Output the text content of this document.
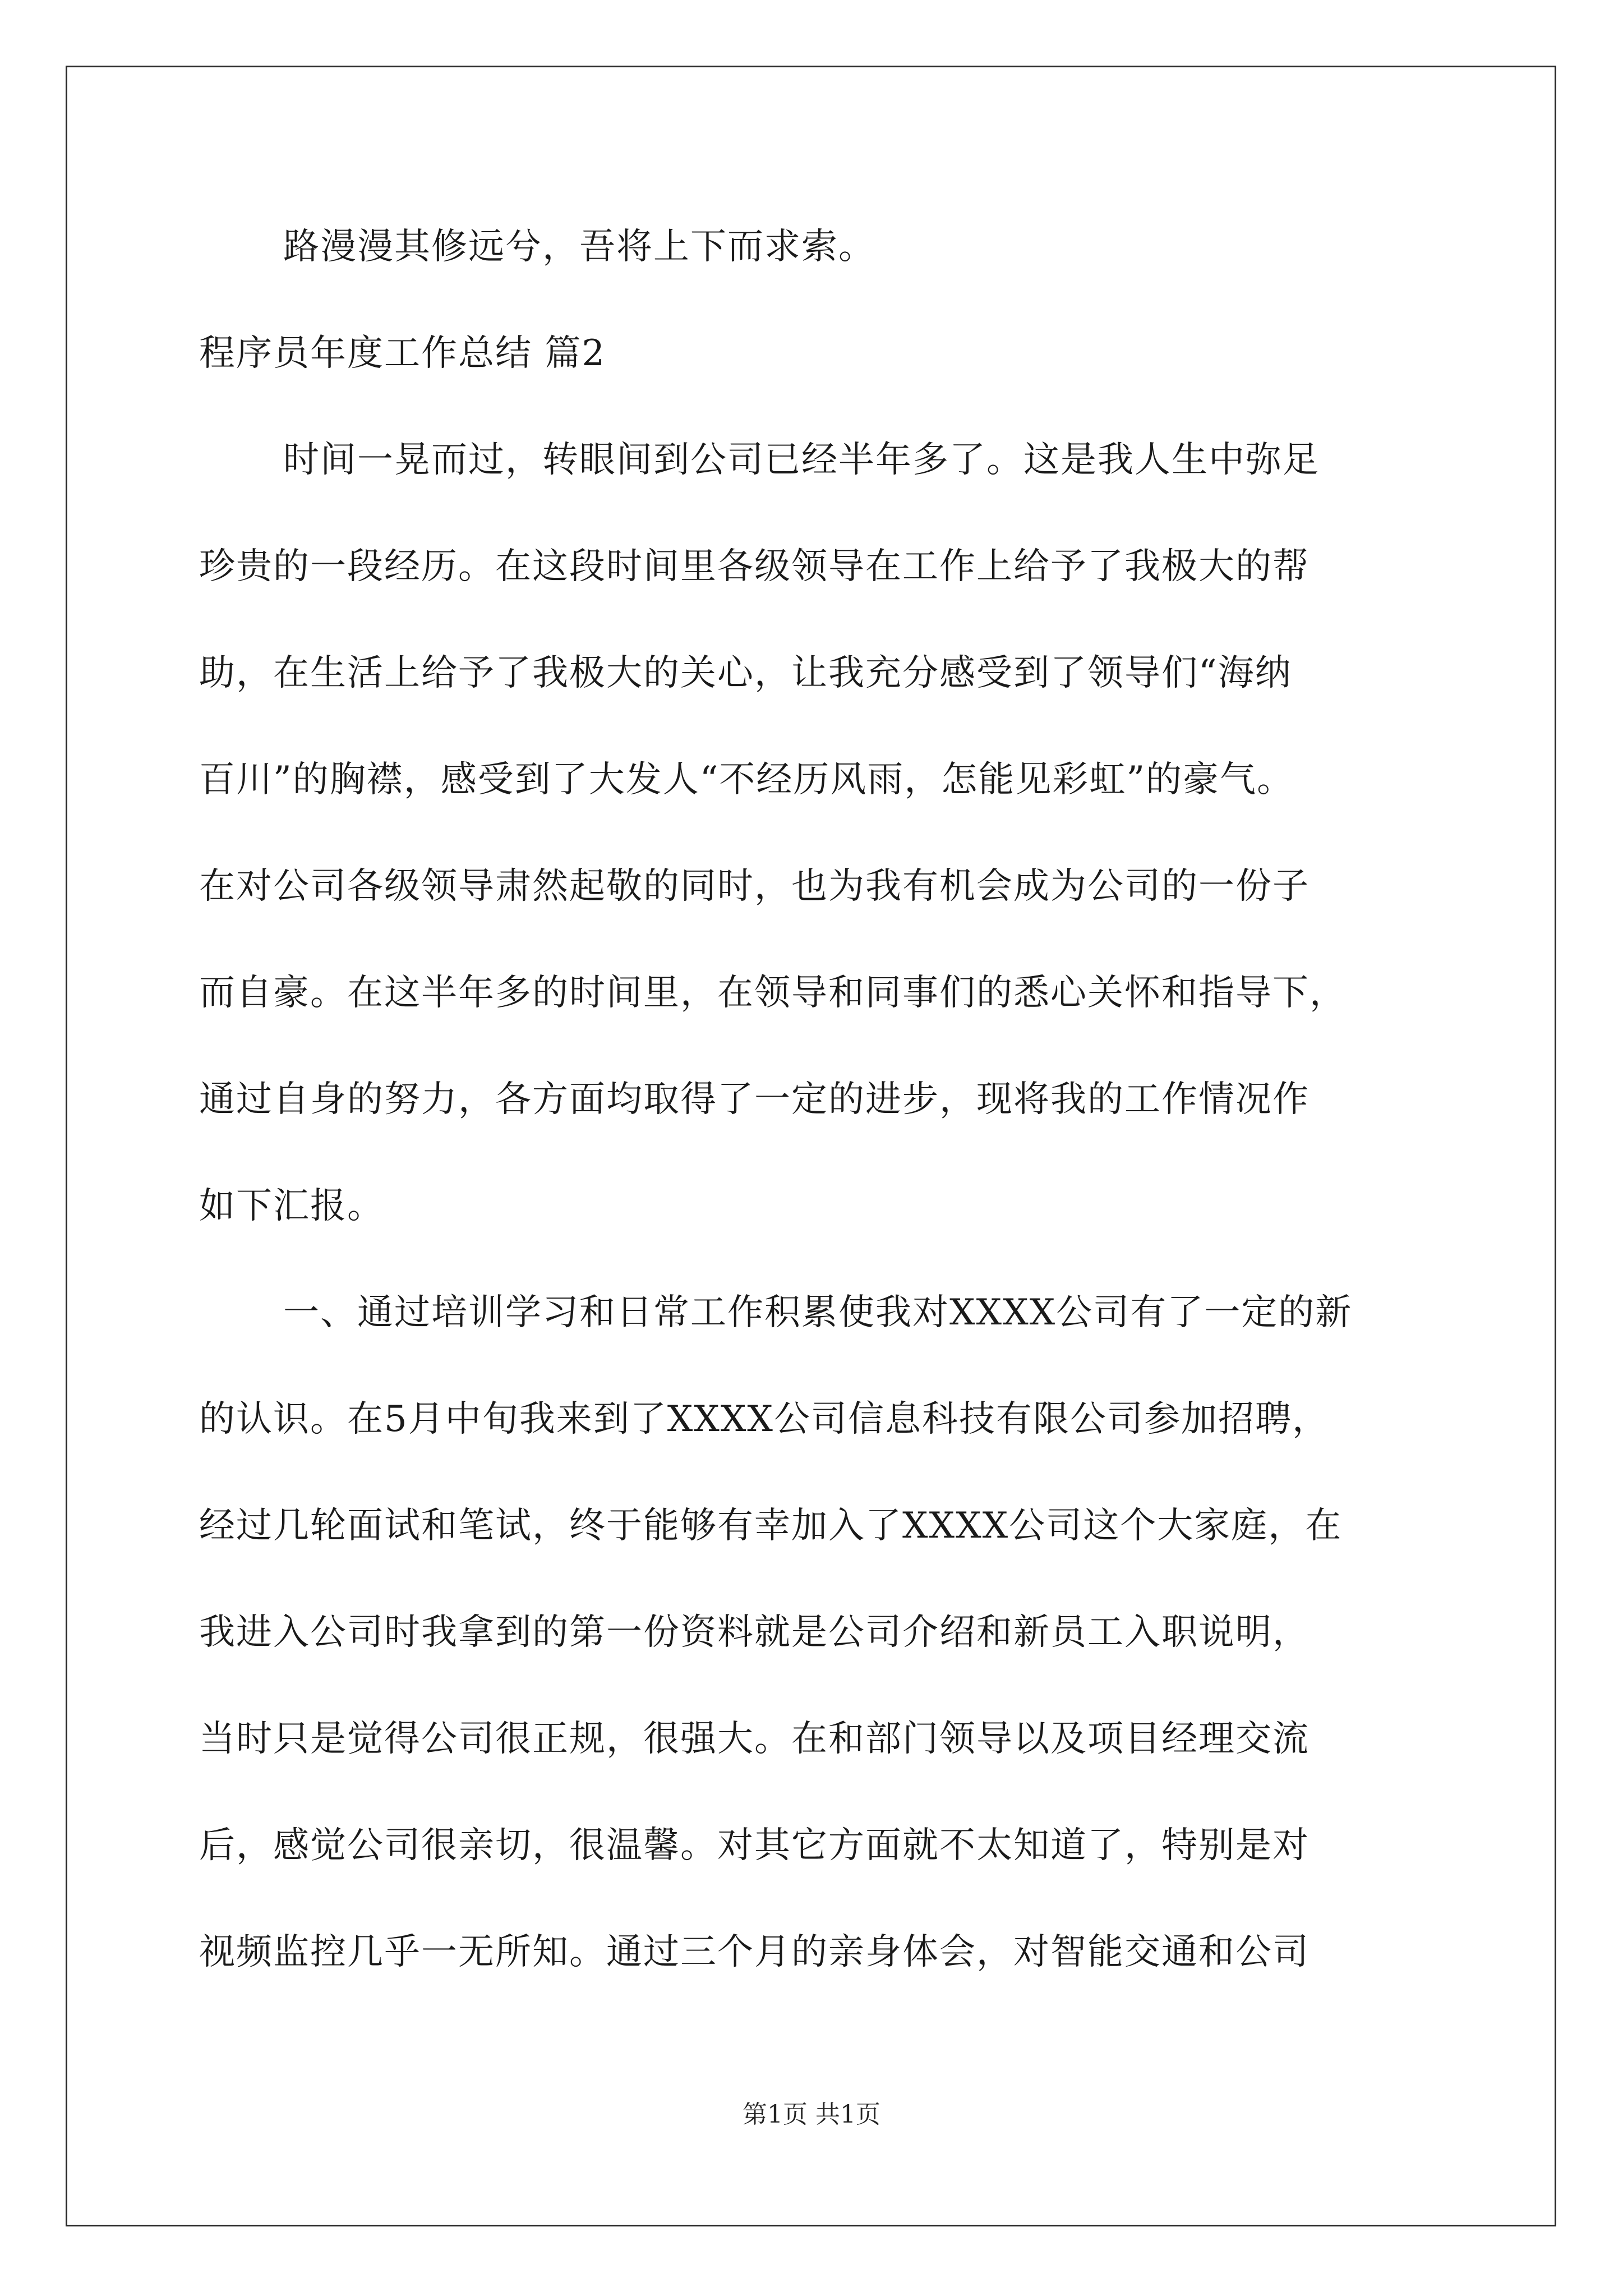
路漫漫其修远兮，吾将上下而求索。
程序员年度工作总结 篇2
时间一晃而过，转眼间到公司已经半年多了。这是我人生中弥足
珍贵的一段经历。在这段时间里各级领导在工作上给予了我极大的帮
助，在生活上给予了我极大的关心，让我充分感受到了领导们“海纳
百川”的胸襟，感受到了大发人“不经历风雨，怎能见彩虹”的豪气。
在对公司各级领导肃然起敬的同时，也为我有机会成为公司的一份子
而自豪。在这半年多的时间里，在领导和同事们的悉心关怀和指导下，
通过自身的努力，各方面均取得了一定的进步，现将我的工作情况作
如下汇报。
一、通过培训学习和日常工作积累使我对XXXX公司有了一定的新
的认识。在5月中旬我来到了XXXX公司信息科技有限公司参加招聘，
经过几轮面试和笔试，终于能够有幸加入了XXXX公司这个大家庭，在
我进入公司时我拿到的第一份资料就是公司介绍和新员工入职说明，
当时只是觉得公司很正规，很强大。在和部门领导以及项目经理交流
后，感觉公司很亲切，很温馨。对其它方面就不太知道了，特别是对
视频监控几乎一无所知。通过三个月的亲身体会，对智能交通和公司
第1页 共1页
